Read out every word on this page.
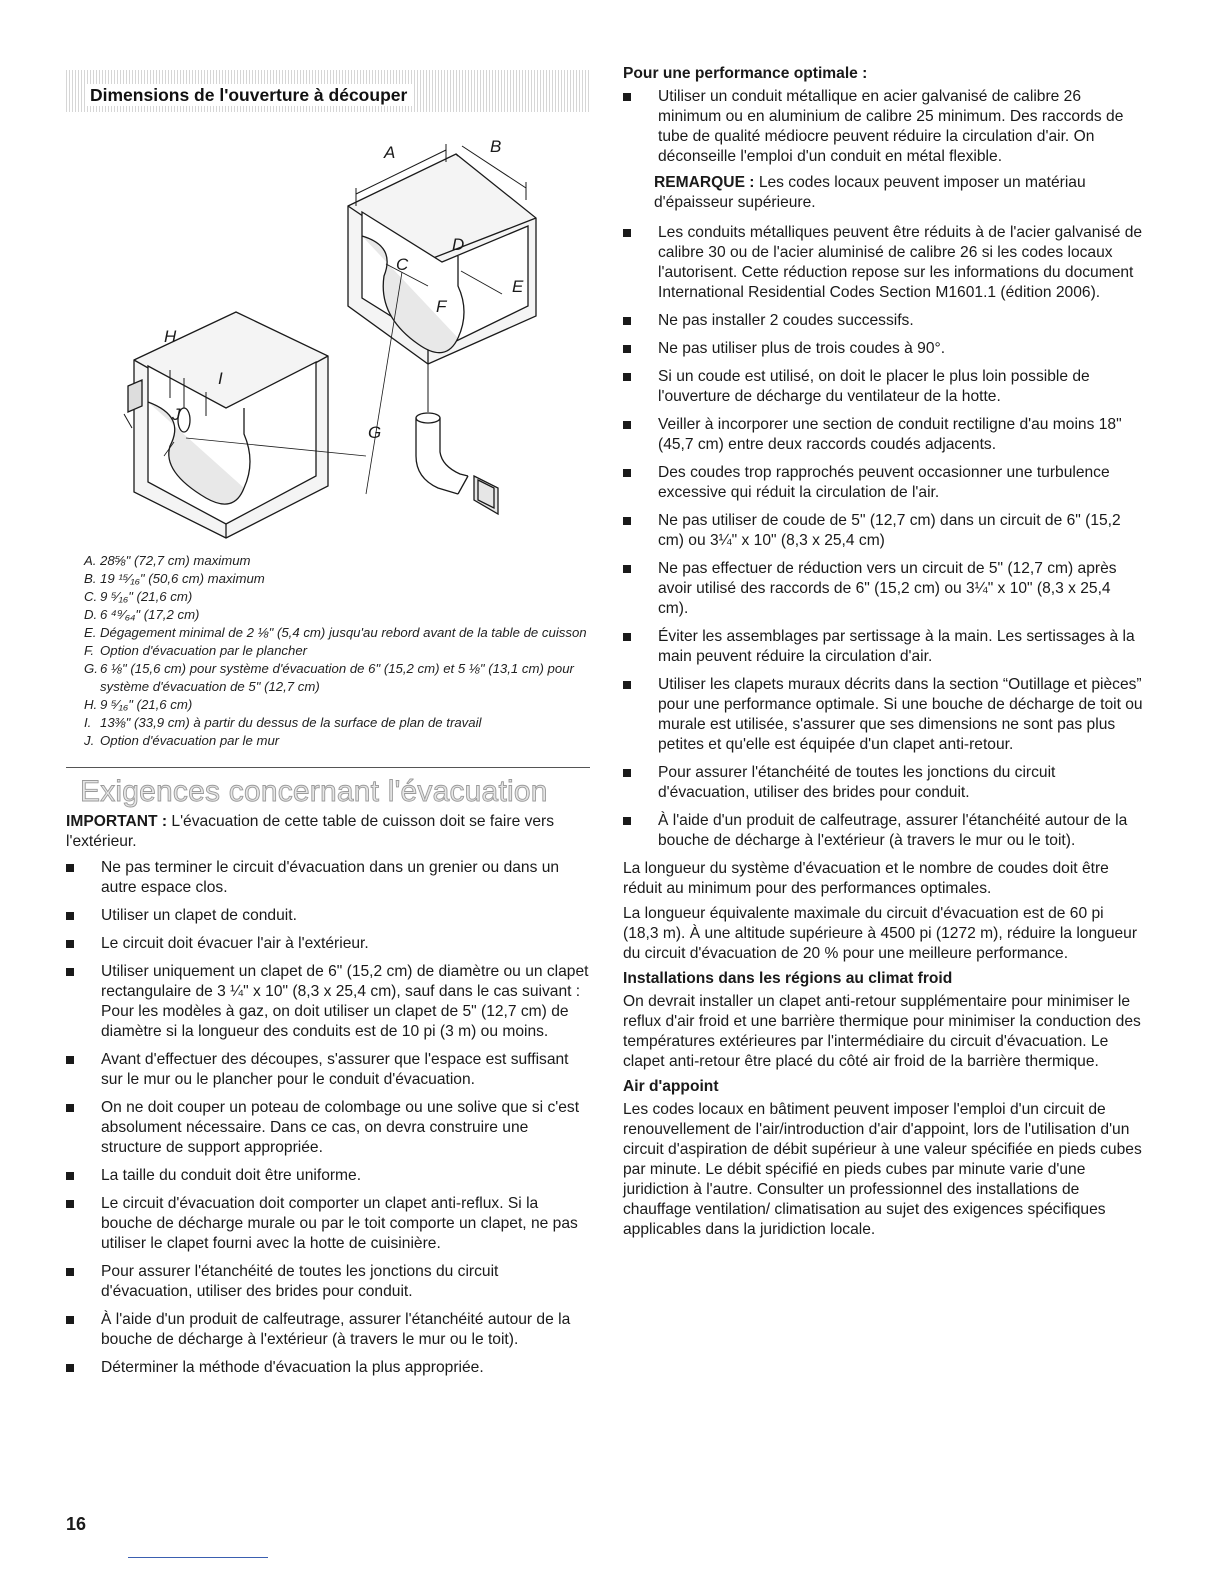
Dimensions de l'ouverture à découper
A	B
C
D
E
F
G
H
I
J
A. 28⅝" (72,7 cm) maximum
B. 19 ¹⁵⁄₁₆" (50,6 cm) maximum
C. 9 ⁵⁄₁₆" (21,6 cm)
D. 6 ⁴⁹⁄₆₄" (17,2 cm)
E. Dégagement minimal de 2 ⅛" (5,4 cm) jusqu'au rebord avant de la table de cuisson
F. Option d'évacuation par le plancher
G. 6 ⅛" (15,6 cm) pour système d'évacuation de 6" (15,2 cm) et 5 ⅛" (13,1 cm) pour système d'évacuation de 5" (12,7 cm)
H. 9 ⁵⁄₁₆" (21,6 cm)
I. 13⅜" (33,9 cm) à partir du dessus de la surface de plan de travail
J. Option d'évacuation par le mur
Exigences concernant l'évacuation

IMPORTANT : L'évacuation de cette table de cuisson doit se faire vers l'extérieur.

Ne pas terminer le circuit d'évacuation dans un grenier ou dans un autre espace clos.
Utiliser un clapet de conduit.
Le circuit doit évacuer l'air à l'extérieur.
Utiliser uniquement un clapet de 6" (15,2 cm) de diamètre ou un clapet rectangulaire de 3 ¼" x 10" (8,3 x 25,4 cm), sauf dans le cas suivant : Pour les modèles à gaz, on doit utiliser un clapet de 5" (12,7 cm) de diamètre si la longueur des conduits est de 10 pi (3 m) ou moins.
Avant d'effectuer des découpes, s'assurer que l'espace est suffisant sur le mur ou le plancher pour le conduit d'évacuation.
On ne doit couper un poteau de colombage ou une solive que si c'est absolument nécessaire. Dans ce cas, on devra construire une structure de support appropriée.
La taille du conduit doit être uniforme.
Le circuit d'évacuation doit comporter un clapet anti-reflux. Si la bouche de décharge murale ou par le toit comporte un clapet, ne pas utiliser le clapet fourni avec la hotte de cuisinière.
Pour assurer l'étanchéité de toutes les jonctions du circuit d'évacuation, utiliser des brides pour conduit.
À l'aide d'un produit de calfeutrage, assurer l'étanchéité autour de la bouche de décharge à l'extérieur (à travers le mur ou le toit).
Déterminer la méthode d'évacuation la plus appropriée.
Pour une performance optimale :
Utiliser un conduit métallique en acier galvanisé de calibre 26 minimum ou en aluminium de calibre 25 minimum. Des raccords de tube de qualité médiocre peuvent réduire la circulation d'air. On déconseille l'emploi d'un conduit en métal flexible.

REMARQUE : Les codes locaux peuvent imposer un matériau d'épaisseur supérieure.

Les conduits métalliques peuvent être réduits à de l'acier galvanisé de calibre 30 ou de l'acier aluminisé de calibre 26 si les codes locaux l'autorisent. Cette réduction repose sur les informations du document International Residential Codes Section M1601.1 (édition 2006).
Ne pas installer 2 coudes successifs.
Ne pas utiliser plus de trois coudes à 90°.
Si un coude est utilisé, on doit le placer le plus loin possible de l'ouverture de décharge du ventilateur de la hotte.
Veiller à incorporer une section de conduit rectiligne d'au moins 18" (45,7 cm) entre deux raccords coudés adjacents.
Des coudes trop rapprochés peuvent occasionner une turbulence excessive qui réduit la circulation de l'air.
Ne pas utiliser de coude de 5" (12,7 cm) dans un circuit de 6" (15,2 cm) ou 3¼" x 10" (8,3 x 25,4 cm)
Ne pas effectuer de réduction vers un circuit de 5" (12,7 cm) après avoir utilisé des raccords de 6" (15,2 cm) ou 3¼" x 10" (8,3 x 25,4 cm).
Éviter les assemblages par sertissage à la main. Les sertissages à la main peuvent réduire la circulation d'air.
Utiliser les clapets muraux décrits dans la section “Outillage et pièces” pour une performance optimale. Si une bouche de décharge de toit ou murale est utilisée, s'assurer que ses dimensions ne sont pas plus petites et qu'elle est équipée d'un clapet anti-retour.
Pour assurer l'étanchéité de toutes les jonctions du circuit d'évacuation, utiliser des brides pour conduit.
À l'aide d'un produit de calfeutrage, assurer l'étanchéité autour de la bouche de décharge à l'extérieur (à travers le mur ou le toit).

La longueur du système d'évacuation et le nombre de coudes doit être réduit au minimum pour des performances optimales.

La longueur équivalente maximale du circuit d'évacuation est de 60 pi (18,3 m). À une altitude supérieure à 4500 pi (1272 m), réduire la longueur du circuit d'évacuation de 20 % pour une meilleure performance.

Installations dans les régions au climat froid

On devrait installer un clapet anti-retour supplémentaire pour minimiser le reflux d'air froid et une barrière thermique pour minimiser la conduction des températures extérieures par l'intermédiaire du circuit d'évacuation. Le clapet anti-retour être placé du côté air froid de la barrière thermique.

Air d'appoint

Les codes locaux en bâtiment peuvent imposer l'emploi d'un circuit de renouvellement de l'air/introduction d'air d'appoint, lors de l'utilisation d'un circuit d'aspiration de débit supérieur à une valeur spécifiée en pieds cubes par minute. Le débit spécifié en pieds cubes par minute varie d'une juridiction à l'autre. Consulter un professionnel des installations de chauffage ventilation/ climatisation au sujet des exigences spécifiques applicables dans la juridiction locale.

16
